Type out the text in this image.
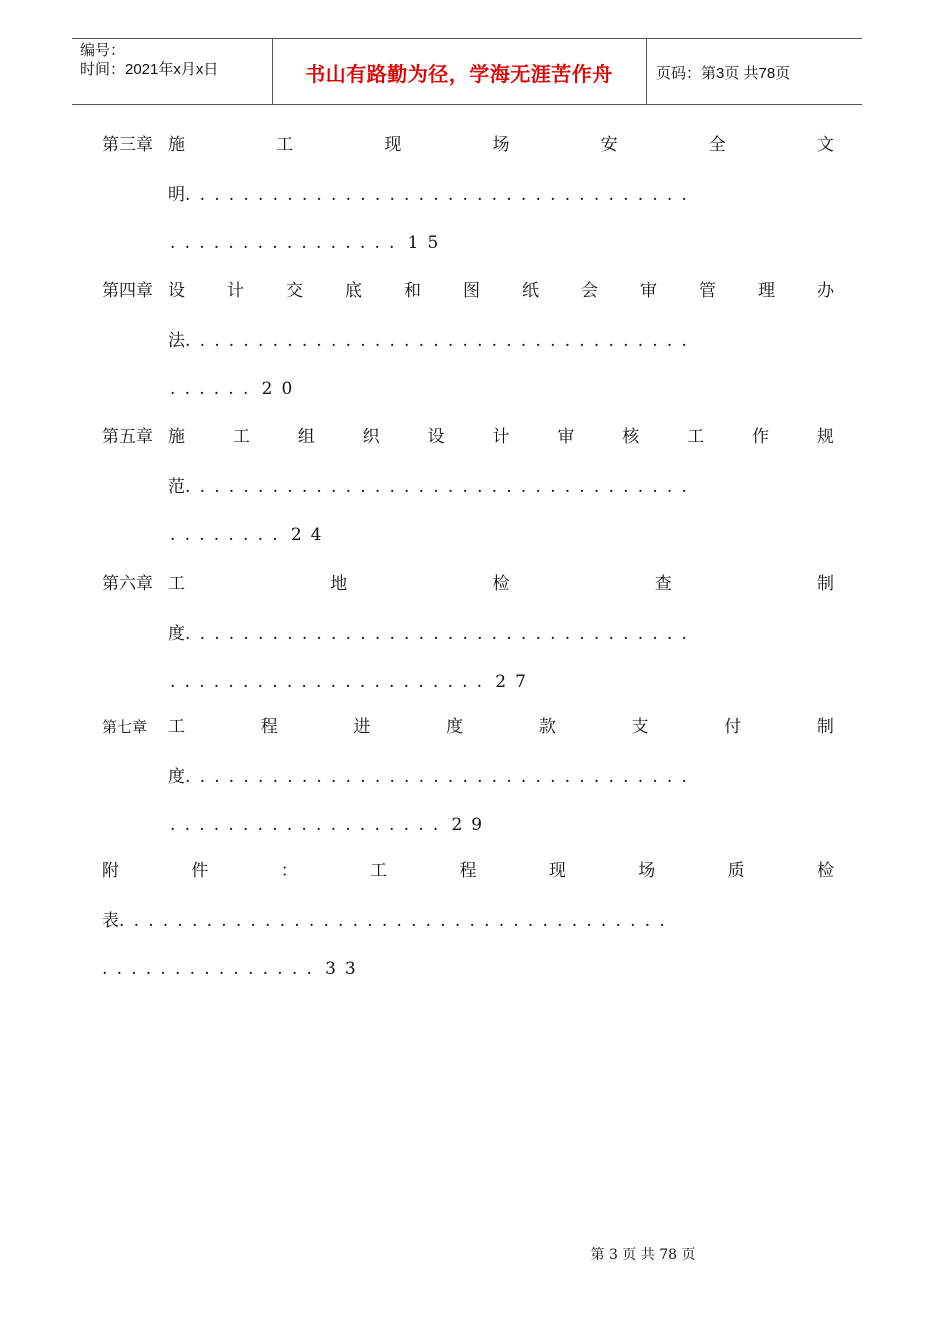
编号：
时间：2021年x月x日	书山有路勤为径，学海无涯苦作舟	页码：第3页 共78页
第三章 施	工	现	场	安	全	文
明 ...................................
................ 15
第四章 设 计 交 底 和 图 纸 会 审 管 理 办
法 ...................................
...... 20
第五章 施	工	组	织	设	计	审	核	工	作	规
范 ...................................
........ 24
第六章 工	地	检	查	制
度 ...................................
...................... 27
第七章 工	程	进	度	款	支	付	制
度 ...................................
................... 29
附	件	：	工	程	现	场	质	检
表 ......................................
............... 33
第 3 页 共 78 页
